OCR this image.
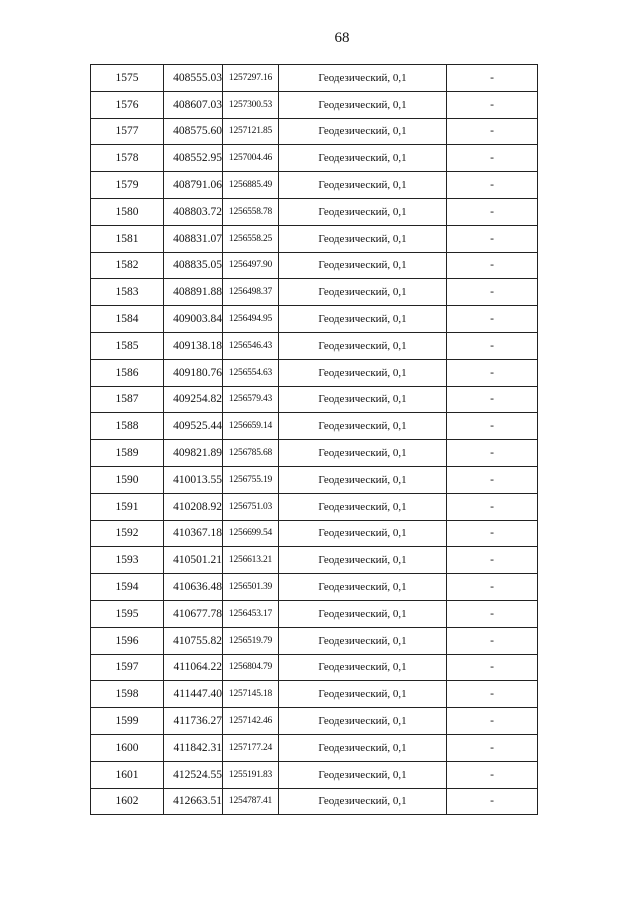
68
1575	408555.03	1257297.16	Геодезический, 0,1	-
1576	408607.03	1257300.53	Геодезический, 0,1	-
1577	408575.60	1257121.85	Геодезический, 0,1	-
1578	408552.95	1257004.46	Геодезический, 0,1	-
1579	408791.06	1256885.49	Геодезический, 0,1	-
1580	408803.72	1256558.78	Геодезический, 0,1	-
1581	408831.07	1256558.25	Геодезический, 0,1	-
1582	408835.05	1256497.90	Геодезический, 0,1	-
1583	408891.88	1256498.37	Геодезический, 0,1	-
1584	409003.84	1256494.95	Геодезический, 0,1	-
1585	409138.18	1256546.43	Геодезический, 0,1	-
1586	409180.76	1256554.63	Геодезический, 0,1	-
1587	409254.82	1256579.43	Геодезический, 0,1	-
1588	409525.44	1256659.14	Геодезический, 0,1	-
1589	409821.89	1256785.68	Геодезический, 0,1	-
1590	410013.55	1256755.19	Геодезический, 0,1	-
1591	410208.92	1256751.03	Геодезический, 0,1	-
1592	410367.18	1256699.54	Геодезический, 0,1	-
1593	410501.21	1256613.21	Геодезический, 0,1	-
1594	410636.48	1256501.39	Геодезический, 0,1	-
1595	410677.78	1256453.17	Геодезический, 0,1	-
1596	410755.82	1256519.79	Геодезический, 0,1	-
1597	411064.22	1256804.79	Геодезический, 0,1	-
1598	411447.40	1257145.18	Геодезический, 0,1	-
1599	411736.27	1257142.46	Геодезический, 0,1	-
1600	411842.31	1257177.24	Геодезический, 0,1	-
1601	412524.55	1255191.83	Геодезический, 0,1	-
1602	412663.51	1254787.41	Геодезический, 0,1	-
